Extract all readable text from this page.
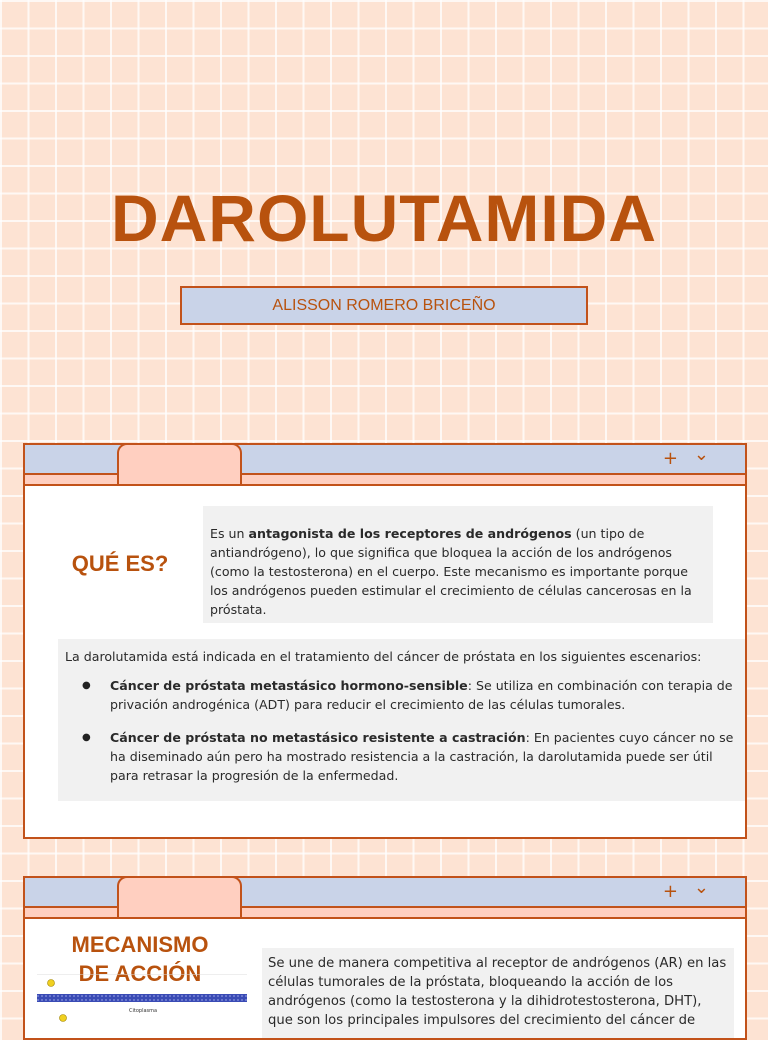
DAROLUTAMIDA
ALISSON ROMERO BRICEÑO
+ ⌄
QUÉ ES?
Es un antagonista de los receptores de andrógenos (un tipo de antiandrógeno), lo que significa que bloquea la acción de los andrógenos (como la testosterona) en el cuerpo. Este mecanismo es importante porque los andrógenos pueden estimular el crecimiento de células cancerosas en la próstata.
La darolutamida está indicada en el tratamiento del cáncer de próstata en los siguientes escenarios:
● Cáncer de próstata metastásico hormono-sensible: Se utiliza en combinación con terapia de privación androgénica (ADT) para reducir el crecimiento de las células tumorales.
● Cáncer de próstata no metastásico resistente a castración: En pacientes cuyo cáncer no se ha diseminado aún pero ha mostrado resistencia a la castración, la darolutamida puede ser útil para retrasar la progresión de la enfermedad.
+ ⌄
MECANISMO
DE ACCIÓN
Citoplasma
Se une de manera competitiva al receptor de andrógenos (AR) en las células tumorales de la próstata, bloqueando la acción de los andrógenos (como la testosterona y la dihidrotestosterona, DHT), que son los principales impulsores del crecimiento del cáncer de
